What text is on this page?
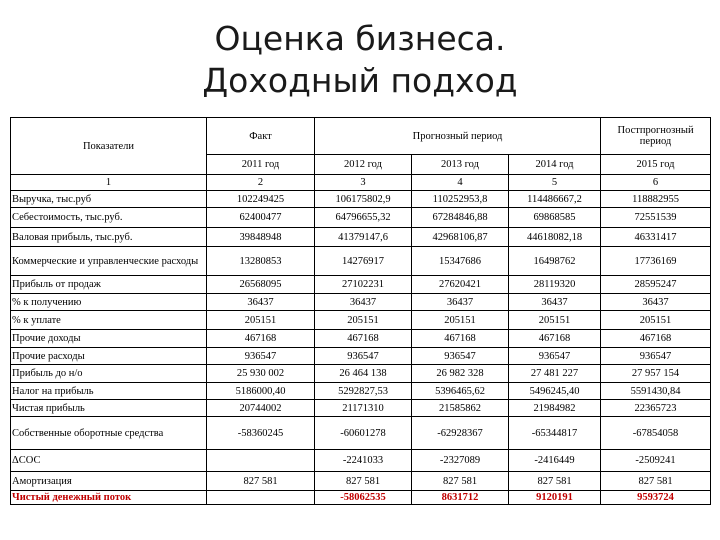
Оценка бизнеса.
Доходный подход
Показатели	Факт	Прогнозный период			Постпрогнозный период
	2011 год	2012 год	2013 год	2014 год	2015 год
1	2	3	4	5	6
Выручка, тыс.руб	102249425	106175802,9	110252953,8	114486667,2	118882955
Себестоимость, тыс.руб.	62400477	64796655,32	67284846,88	69868585	72551539
Валовая прибыль, тыс.руб.	39848948	41379147,6	42968106,87	44618082,18	46331417
Коммерческие и управленческие расходы	13280853	14276917	15347686	16498762	17736169
Прибыль от продаж	26568095	27102231	27620421	28119320	28595247
% к получению	36437	36437	36437	36437	36437
% к уплате	205151	205151	205151	205151	205151
Прочие доходы	467168	467168	467168	467168	467168
Прочие расходы	936547	936547	936547	936547	936547
Прибыль до н/о	25 930 002	26 464 138	26 982 328	27 481 227	27 957 154
Налог на прибыль	5186000,40	5292827,53	5396465,62	5496245,40	5591430,84
Чистая прибыль	20744002	21171310	21585862	21984982	22365723
Собственные оборотные средства	-58360245	-60601278	-62928367	-65344817	-67854058
ΔСОС		-2241033	-2327089	-2416449	-2509241
Амортизация	827 581	827 581	827 581	827 581	827 581
Чистый денежный поток		-58062535	8631712	9120191	9593724
